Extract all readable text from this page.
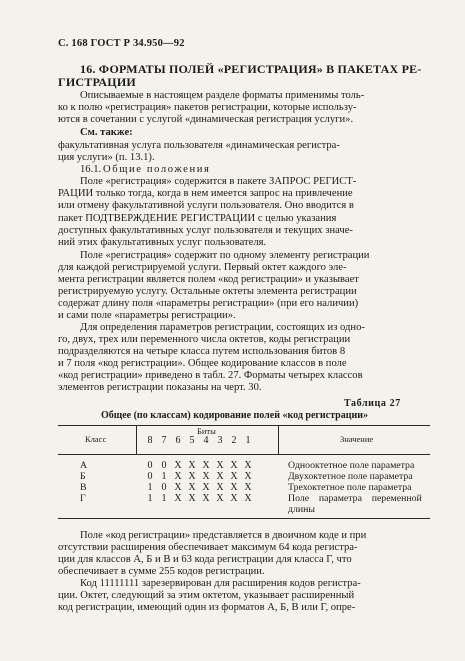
С. 168 ГОСТ Р 34.950—92
16. ФОРМАТЫ ПОЛЕЙ «РЕГИСТРАЦИЯ» В ПАКЕТАХ РЕ-
ГИСТРАЦИИ
Описываемые в настоящем разделе форматы применимы толь-
ко к полю «регистрация» пакетов регистрации, которые использу-
ются в сочетании с услугой «динамическая регистрация услуги».
См. также:
факультативная услуга пользователя «динамическая регистра-
ция услуги» (п. 13.1).
16.1. Общие положения
Поле «регистрация» содержится в пакете ЗАПРОС РЕГИСТ-
РАЦИИ только тогда, когда в нем имеется запрос на привлечение
или отмену факультативной услуги пользователя. Оно вводится в
пакет ПОДТВЕРЖДЕНИЕ РЕГИСТРАЦИИ с целью указания
доступных факультативных услуг пользователя и текущих значе-
ний этих факультативных услуг пользователя.
Поле «регистрация» содержит по одному элементу регистрации
для каждой регистрируемой услуги. Первый октет каждого эле-
мента регистрации является полем «код регистрации» и указывает
регистрируемую услугу. Остальные октеты элемента регистрации
содержат длину поля «параметры регистрации» (при его наличии)
и сами поле «параметры регистрации».
Для определения параметров регистрации, состоящих из одно-
го, двух, трех или переменного числа октетов, коды регистрации
подразделяются на четыре класса путем использования битов 8
и 7 поля «код регистрации». Общее кодирование классов в поле
«код регистрации» приведено в табл. 27. Форматы четырех классов
элементов регистрации показаны на черт. 30.
Таблица 27
Общее (по классам) кодирование полей «код регистрации»
Класс
Биты
8 7 6 5 4 3 2 1	Значение
А	0 0 X X X X X X	Однооктетное поле параметра
Б	0 1 X X X X X X	Двухоктетное поле параметра
В	1 0 X X X X X X	Трехоктетное поле параметра
Г	1 1 X X X X X X	Поле    параметра    переменной
длины
Поле «код регистрации» представляется в двоичном коде и при
отсутствии расширения обеспечивает максимум 64 кода регистра-
ции для классов А, Б и В и 63 кода регистрации для класса Г, что
обеспечивает в сумме 255 кодов регистрации.
Код 11111111 зарезервирован для расширения кодов регистра-
ции. Октет, следующий за этим октетом, указывает расширенный
код регистрации, имеющий один из форматов А, Б, В или Г, опре-
